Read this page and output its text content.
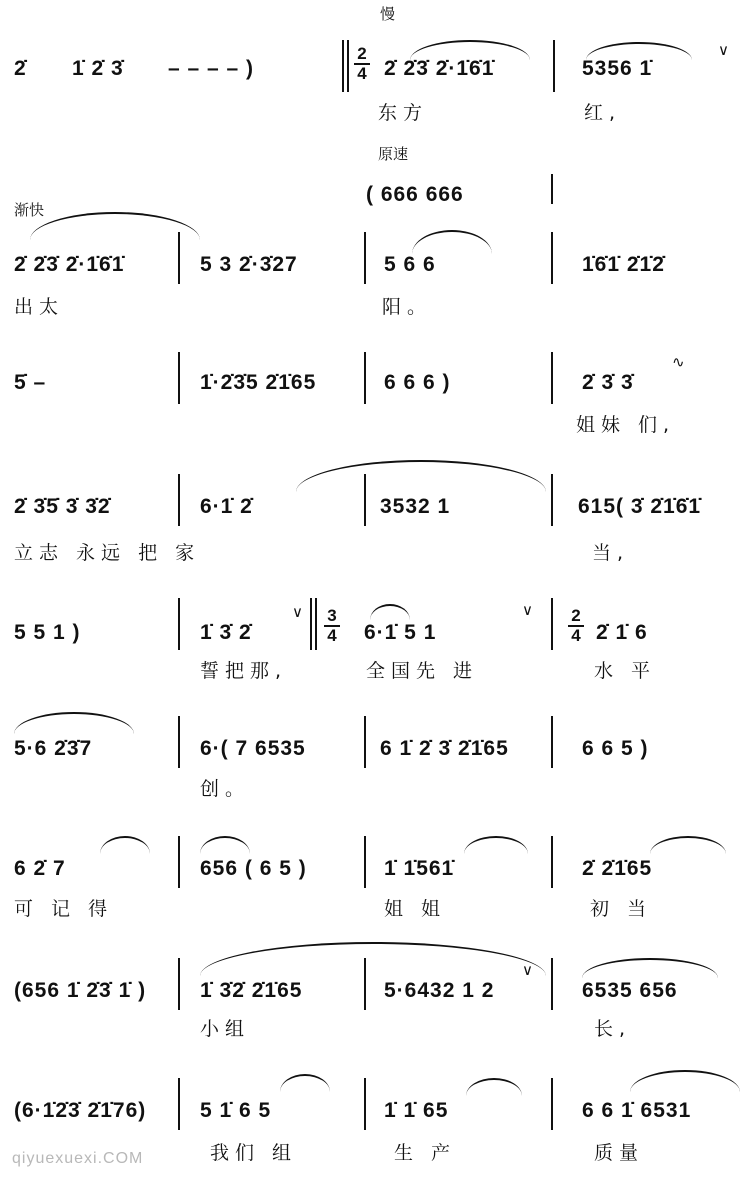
慢
2̇ 1̇ 2̇ 3̇ – – – – )
2
4 2̇ 2̇3̇ 2̇·1̇6̇1̇	5356 1̇
∨
东方	红,
原速
( 666 666
渐快
2̇ 2̇3̇ 2̇·1̇6̇1̇	5 3 2̇·3̇27	5 6 6	1̇6̇1̇ 2̇1̇2̇
出太	阳。
5̇ –	1̇·2̇3̇5 2̇1̇65	6 6 6 )	2̇ 3̇ 3̇
∿
姐妹 们,
2̇ 3̇5̇ 3̇ 3̇2̇	6·1̇ 2̇	3532 1	615( 3̇ 2̇1̇6̇1̇
立志 永远 把 家	当,
5 5 1 )	1̇ 3̇ 2̇
∨ 3
4 6·1̇ 5 1
∨ 2
4 2̇ 1̇ 6
誓把那,	全国先 进	水 平
5·6 2̇3̇7	6·( 7 6535	6 1̇ 2̇ 3̇ 2̇1̇65	6 6 5 )
创。
6 2̇ 7	656 ( 6 5 )	1̇ 1̇561̇	2̇ 2̇1̇65
可 记 得	姐 姐	初 当
∨
(656 1̇ 2̇3̇ 1̇ )	1̇ 3̇2̇ 2̇1̇65	5·6432 1 2	6535 656
小组	长,
(6·1̇2̇3̇ 2̇1̇76)	5 1̇ 6 5	1̇ 1̇ 65	6 6 1̇ 6531
我们 组	生 产	质量
qiyuexuexi.COM
